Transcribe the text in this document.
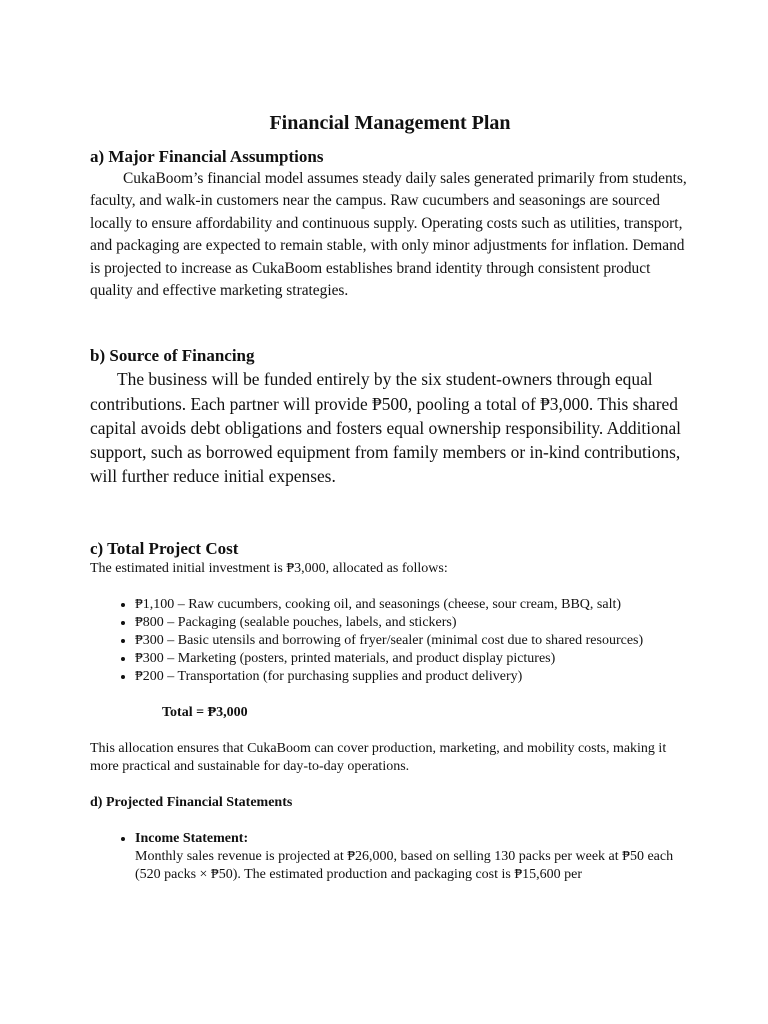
Financial Management Plan
a) Major Financial Assumptions

CukaBoom’s financial model assumes steady daily sales generated primarily from students, faculty, and walk-in customers near the campus. Raw cucumbers and seasonings are sourced locally to ensure affordability and continuous supply. Operating costs such as utilities, transport, and packaging are expected to remain stable, with only minor adjustments for inflation. Demand is projected to increase as CukaBoom establishes brand identity through consistent product quality and effective marketing strategies.

b) Source of Financing

The business will be funded entirely by the six student-owners through equal contributions. Each partner will provide ₱500, pooling a total of ₱3,000. This shared capital avoids debt obligations and fosters equal ownership responsibility. Additional support, such as borrowed equipment from family members or in-kind contributions, will further reduce initial expenses.

c) Total Project Cost

The estimated initial investment is ₱3,000, allocated as follows:

• ₱1,100 – Raw cucumbers, cooking oil, and seasonings (cheese, sour cream, BBQ, salt)
• ₱800 – Packaging (sealable pouches, labels, and stickers)
• ₱300 – Basic utensils and borrowing of fryer/sealer (minimal cost due to shared resources)
• ₱300 – Marketing (posters, printed materials, and product display pictures)
• ₱200 – Transportation (for purchasing supplies and product delivery)

Total = ₱3,000

This allocation ensures that CukaBoom can cover production, marketing, and mobility costs, making it more practical and sustainable for day-to-day operations.

d) Projected Financial Statements
• Income Statement:
Monthly sales revenue is projected at ₱26,000, based on selling 130 packs per week at ₱50 each (520 packs × ₱50). The estimated production and packaging cost is ₱15,600 per
